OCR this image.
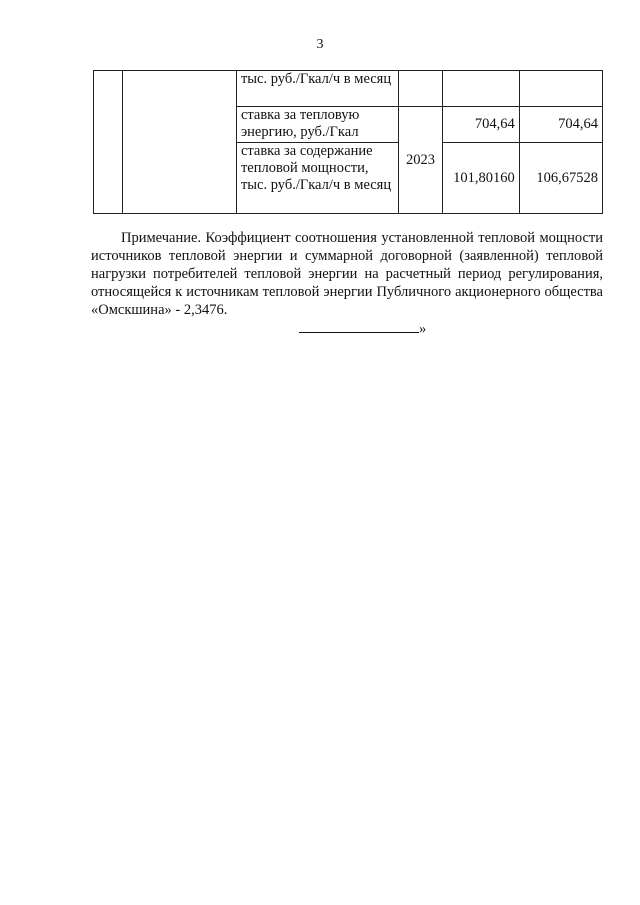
3
		тыс. руб./Гкал/ч в месяц			
		ставка за тепловую энергию, руб./Гкал	2023	704,64	704,64
		ставка за содержание тепловой мощности, тыс. руб./Гкал/ч в месяц		101,80160	106,67528
Примечание. Коэффициент соотношения установленной тепловой мощности источников тепловой энергии и суммарной договорной (заявленной) тепловой нагрузки потребителей тепловой энергии на расчетный период регулирования, относящейся к источникам тепловой энергии Публичного акционерного общества «Омскшина» - 2,3476.
»
